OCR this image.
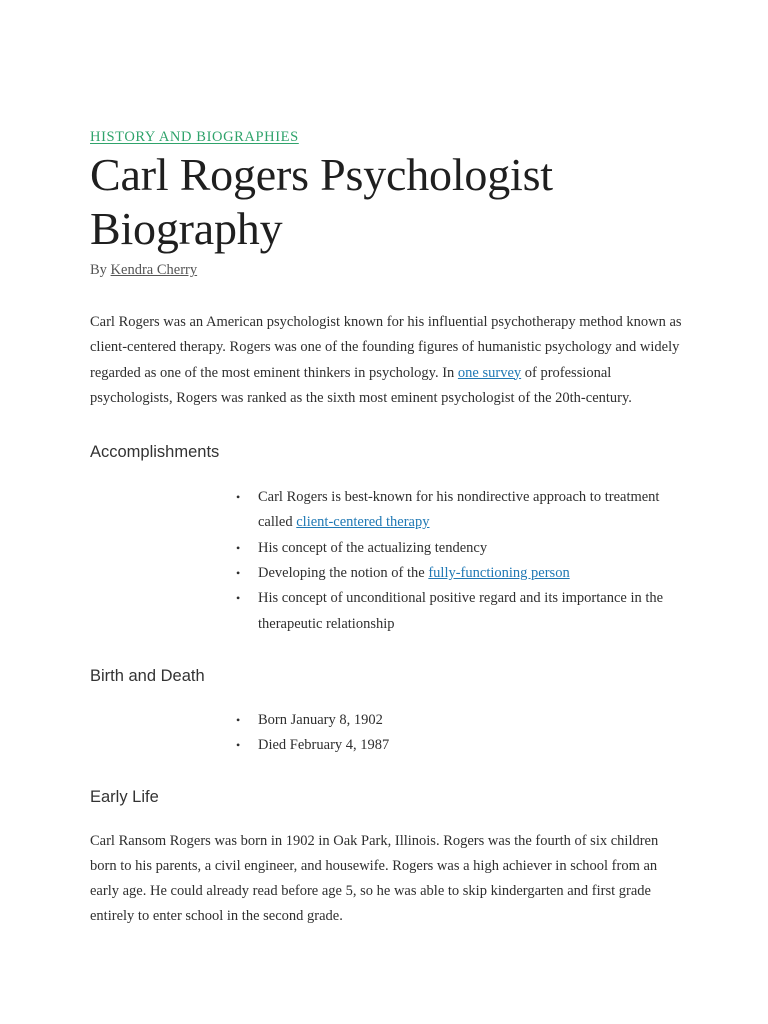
HISTORY AND BIOGRAPHIES
Carl Rogers Psychologist
Biography
By Kendra Cherry

Carl Rogers was an American psychologist known for his influential psychotherapy method known as client-centered therapy. Rogers was one of the founding figures of humanistic psychology and widely regarded as one of the most eminent thinkers in psychology. In one survey of professional psychologists, Rogers was ranked as the sixth most eminent psychologist of the 20th-century.

Accomplishments
• Carl Rogers is best-known for his nondirective approach to treatment called client-centered therapy
• His concept of the actualizing tendency
• Developing the notion of the fully-functioning person
• His concept of unconditional positive regard and its importance in the therapeutic relationship
Birth and Death
• Born January 8, 1902
• Died February 4, 1987
Early Life

Carl Ransom Rogers was born in 1902 in Oak Park, Illinois. Rogers was the fourth of six children born to his parents, a civil engineer, and housewife. Rogers was a high achiever in school from an early age. He could already read before age 5, so he was able to skip kindergarten and first grade entirely to enter school in the second grade.
